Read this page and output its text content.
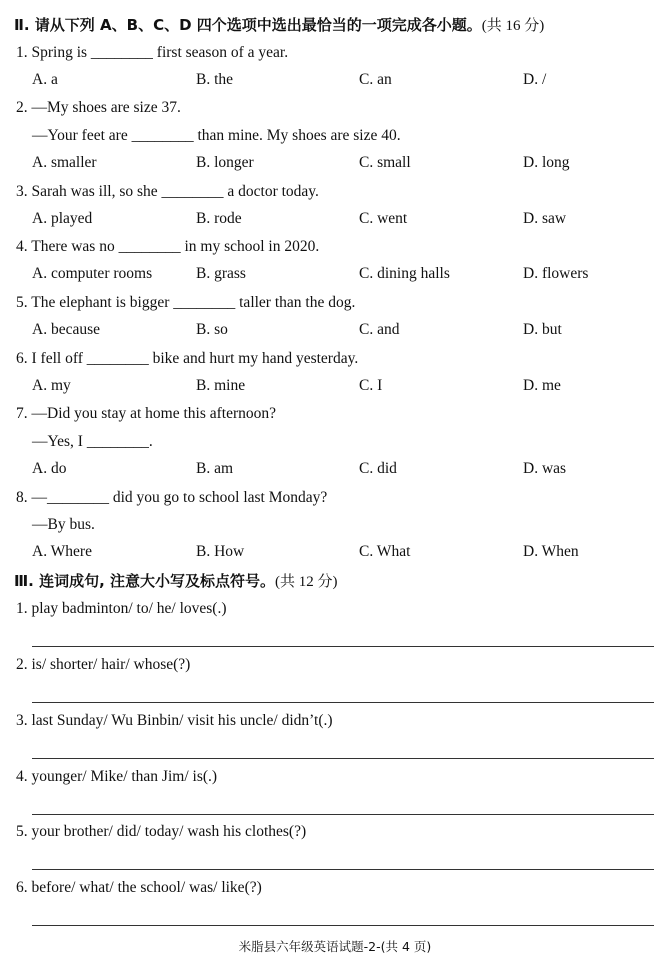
Ⅱ. 请从下列 A、B、C、D 四个选项中选出最恰当的一项完成各小题。(共 16 分)
1. Spring is ________ first season of a year.
A. a	B. the	C. an	D. /
2. —My shoes are size 37.
—Your feet are ________ than mine. My shoes are size 40.
A. smaller	B. longer	C. small	D. long
3. Sarah was ill, so she ________ a doctor today.
A. played	B. rode	C. went	D. saw
4. There was no ________ in my school in 2020.
A. computer rooms	B. grass	C. dining halls	D. flowers
5. The elephant is bigger ________ taller than the dog.
A. because	B. so	C. and	D. but
6. I fell off ________ bike and hurt my hand yesterday.
A. my	B. mine	C. I	D. me
7. —Did you stay at home this afternoon?
—Yes, I ________.
A. do	B. am	C. did	D. was
8. —________ did you go to school last Monday?
—By bus.
A. Where	B. How	C. What	D. When
Ⅲ. 连词成句, 注意大小写及标点符号。(共 12 分)
1. play badminton/ to/ he/ loves(.)
2. is/ shorter/ hair/ whose(?)
3. last Sunday/ Wu Binbin/ visit his uncle/ didn’t(.)
4. younger/ Mike/ than Jim/ is(.)
5. your brother/ did/ today/ wash his clothes(?)
6. before/ what/ the school/ was/ like(?)
米脂县六年级英语试题-2-(共 4 页)
